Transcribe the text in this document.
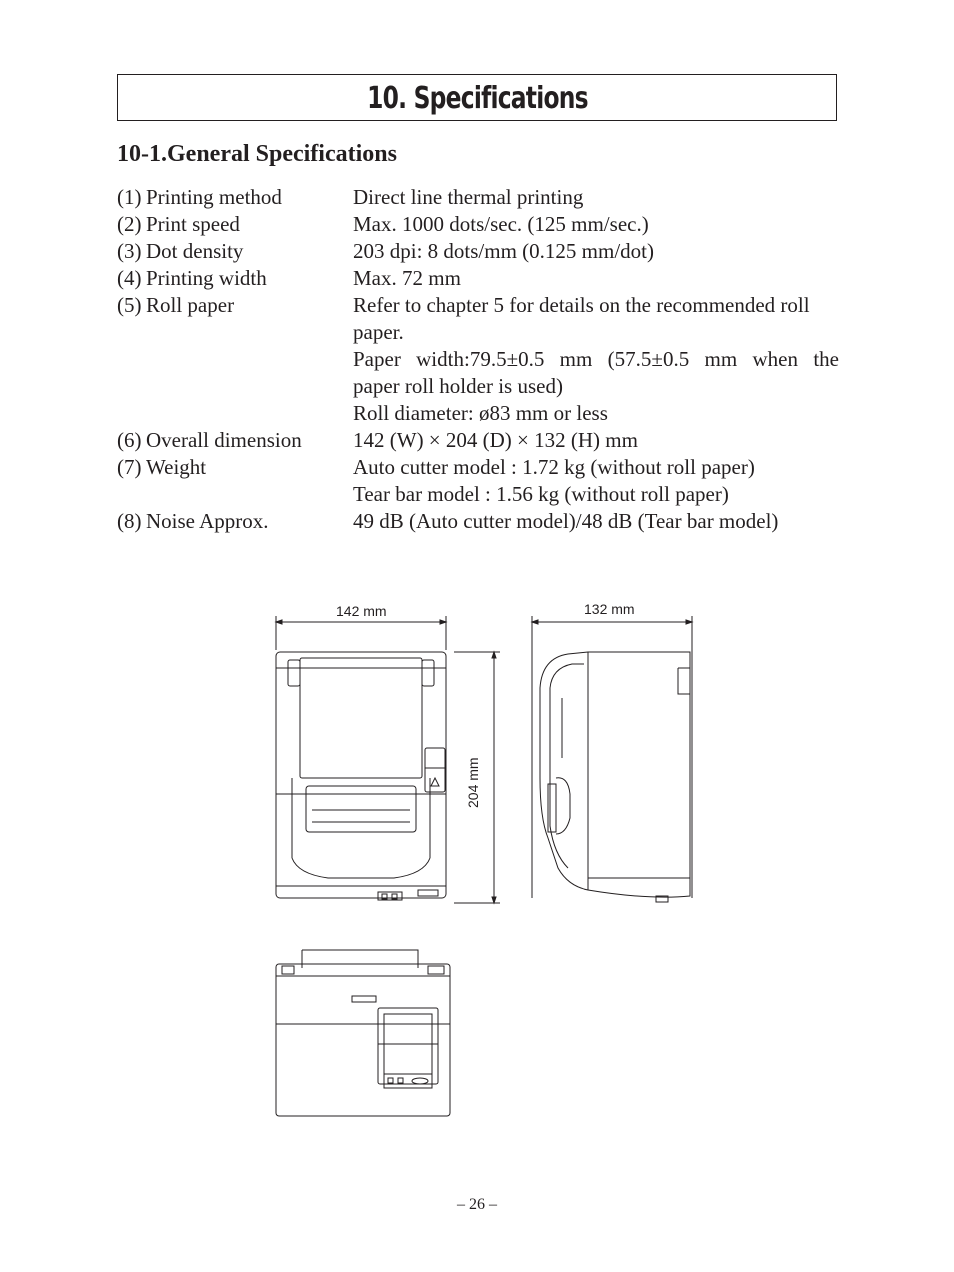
10. Specifications
10-1.General Specifications
(1) Printing method	Direct line thermal printing
(2) Print speed	Max. 1000 dots/sec. (125 mm/sec.)
(3) Dot density	203 dpi: 8 dots/mm (0.125 mm/dot)
(4) Printing width	Max. 72 mm
(5) Roll paper	Refer to chapter 5 for details on the recommended roll
paper.
Paper width:79.5±0.5 mm (57.5±0.5 mm when the
paper roll holder is used)
Roll diameter: ø83 mm or less
(6) Overall dimension	142 (W) × 204 (D) × 132 (H) mm
(7) Weight	Auto cutter model : 1.72 kg (without roll paper)
Tear bar model : 1.56 kg (without roll paper)
(8) Noise Approx.	49 dB (Auto cutter model)/48 dB (Tear bar model)
142 mm
204 mm
132 mm
– 26 –
